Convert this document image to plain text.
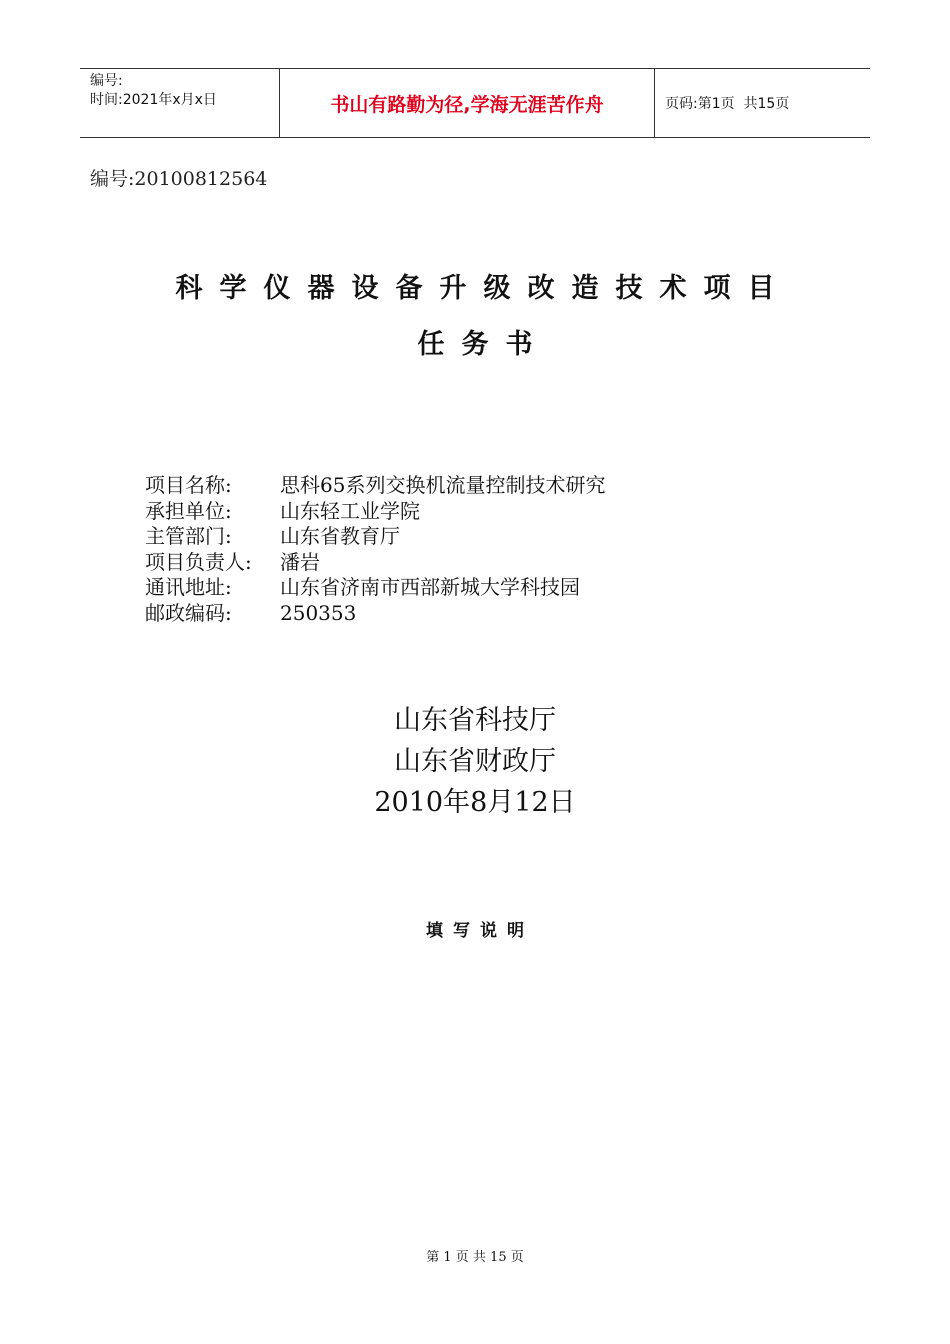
编号:
时间:2021年x月x日	书山有路勤为径,学海无涯苦作舟	页码:第1页  共15页
编号:20100812564
科学仪器设备升级改造技术项目
任务书
项目名称:	思科65系列交换机流量控制技术研究
承担单位:	山东轻工业学院
主管部门:	山东省教育厅
项目负责人:	潘岩
通讯地址:	山东省济南市西部新城大学科技园
邮政编码:	250353
山东省科技厅
山东省财政厅
2010年8月12日
填写说明
第 1 页 共 15 页
